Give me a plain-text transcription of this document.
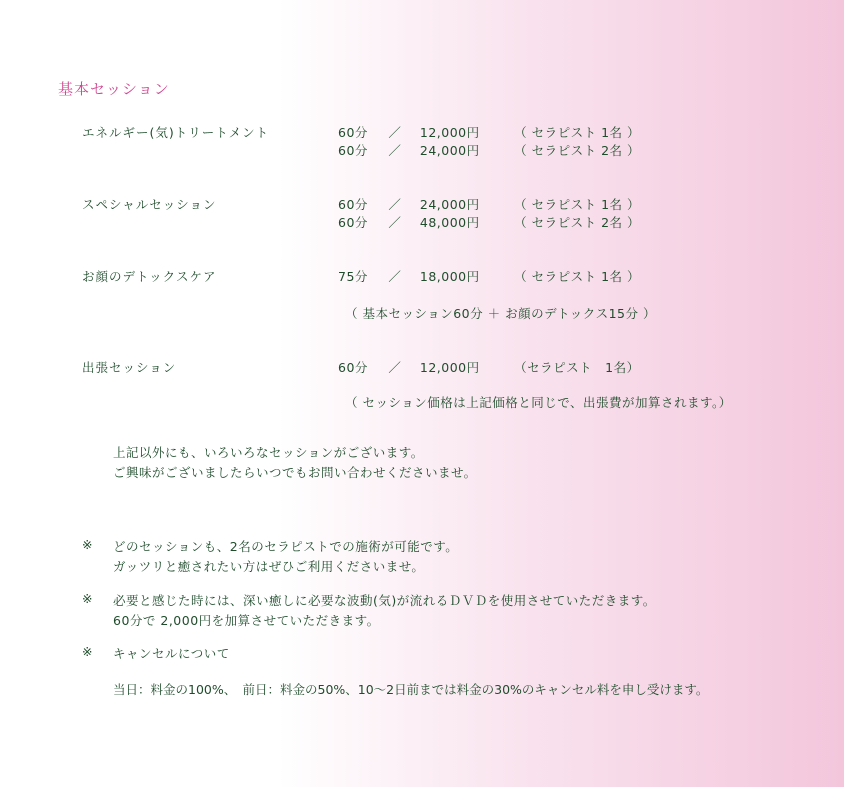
基本セッション
エネルギー(気)トリートメント	60分 ／ 12,000円	（ セラピスト 1名 ）
60分 ／ 24,000円	（ セラピスト 2名 ）
スペシャルセッション	60分 ／ 24,000円	（ セラピスト 1名 ）
60分 ／ 48,000円	（ セラピスト 2名 ）
お顔のデトックスケア	75分 ／ 18,000円	（ セラピスト 1名 ）
（ 基本セッション60分 ＋ お顔のデトックス15分 ）
出張セッション	60分 ／ 12,000円	（セラピスト　1名）
（ セッション価格は上記価格と同じで、出張費が加算されます。）
上記以外にも、いろいろなセッションがございます。
ご興味がございましたらいつでもお問い合わせくださいませ。
※ どのセッションも、2名のセラピストでの施術が可能です。
ガッツリと癒されたい方はぜひご利用くださいませ。
※ 必要と感じた時には、深い癒しに必要な波動(気)が流れるＤＶＤを使用させていただきます。
60分で 2,000円を加算させていただきます。
※ キャンセルについて
当日：料金の100%、　前日：料金の50%、10〜2日前までは料金の30%のキャンセル料を申し受けます。
